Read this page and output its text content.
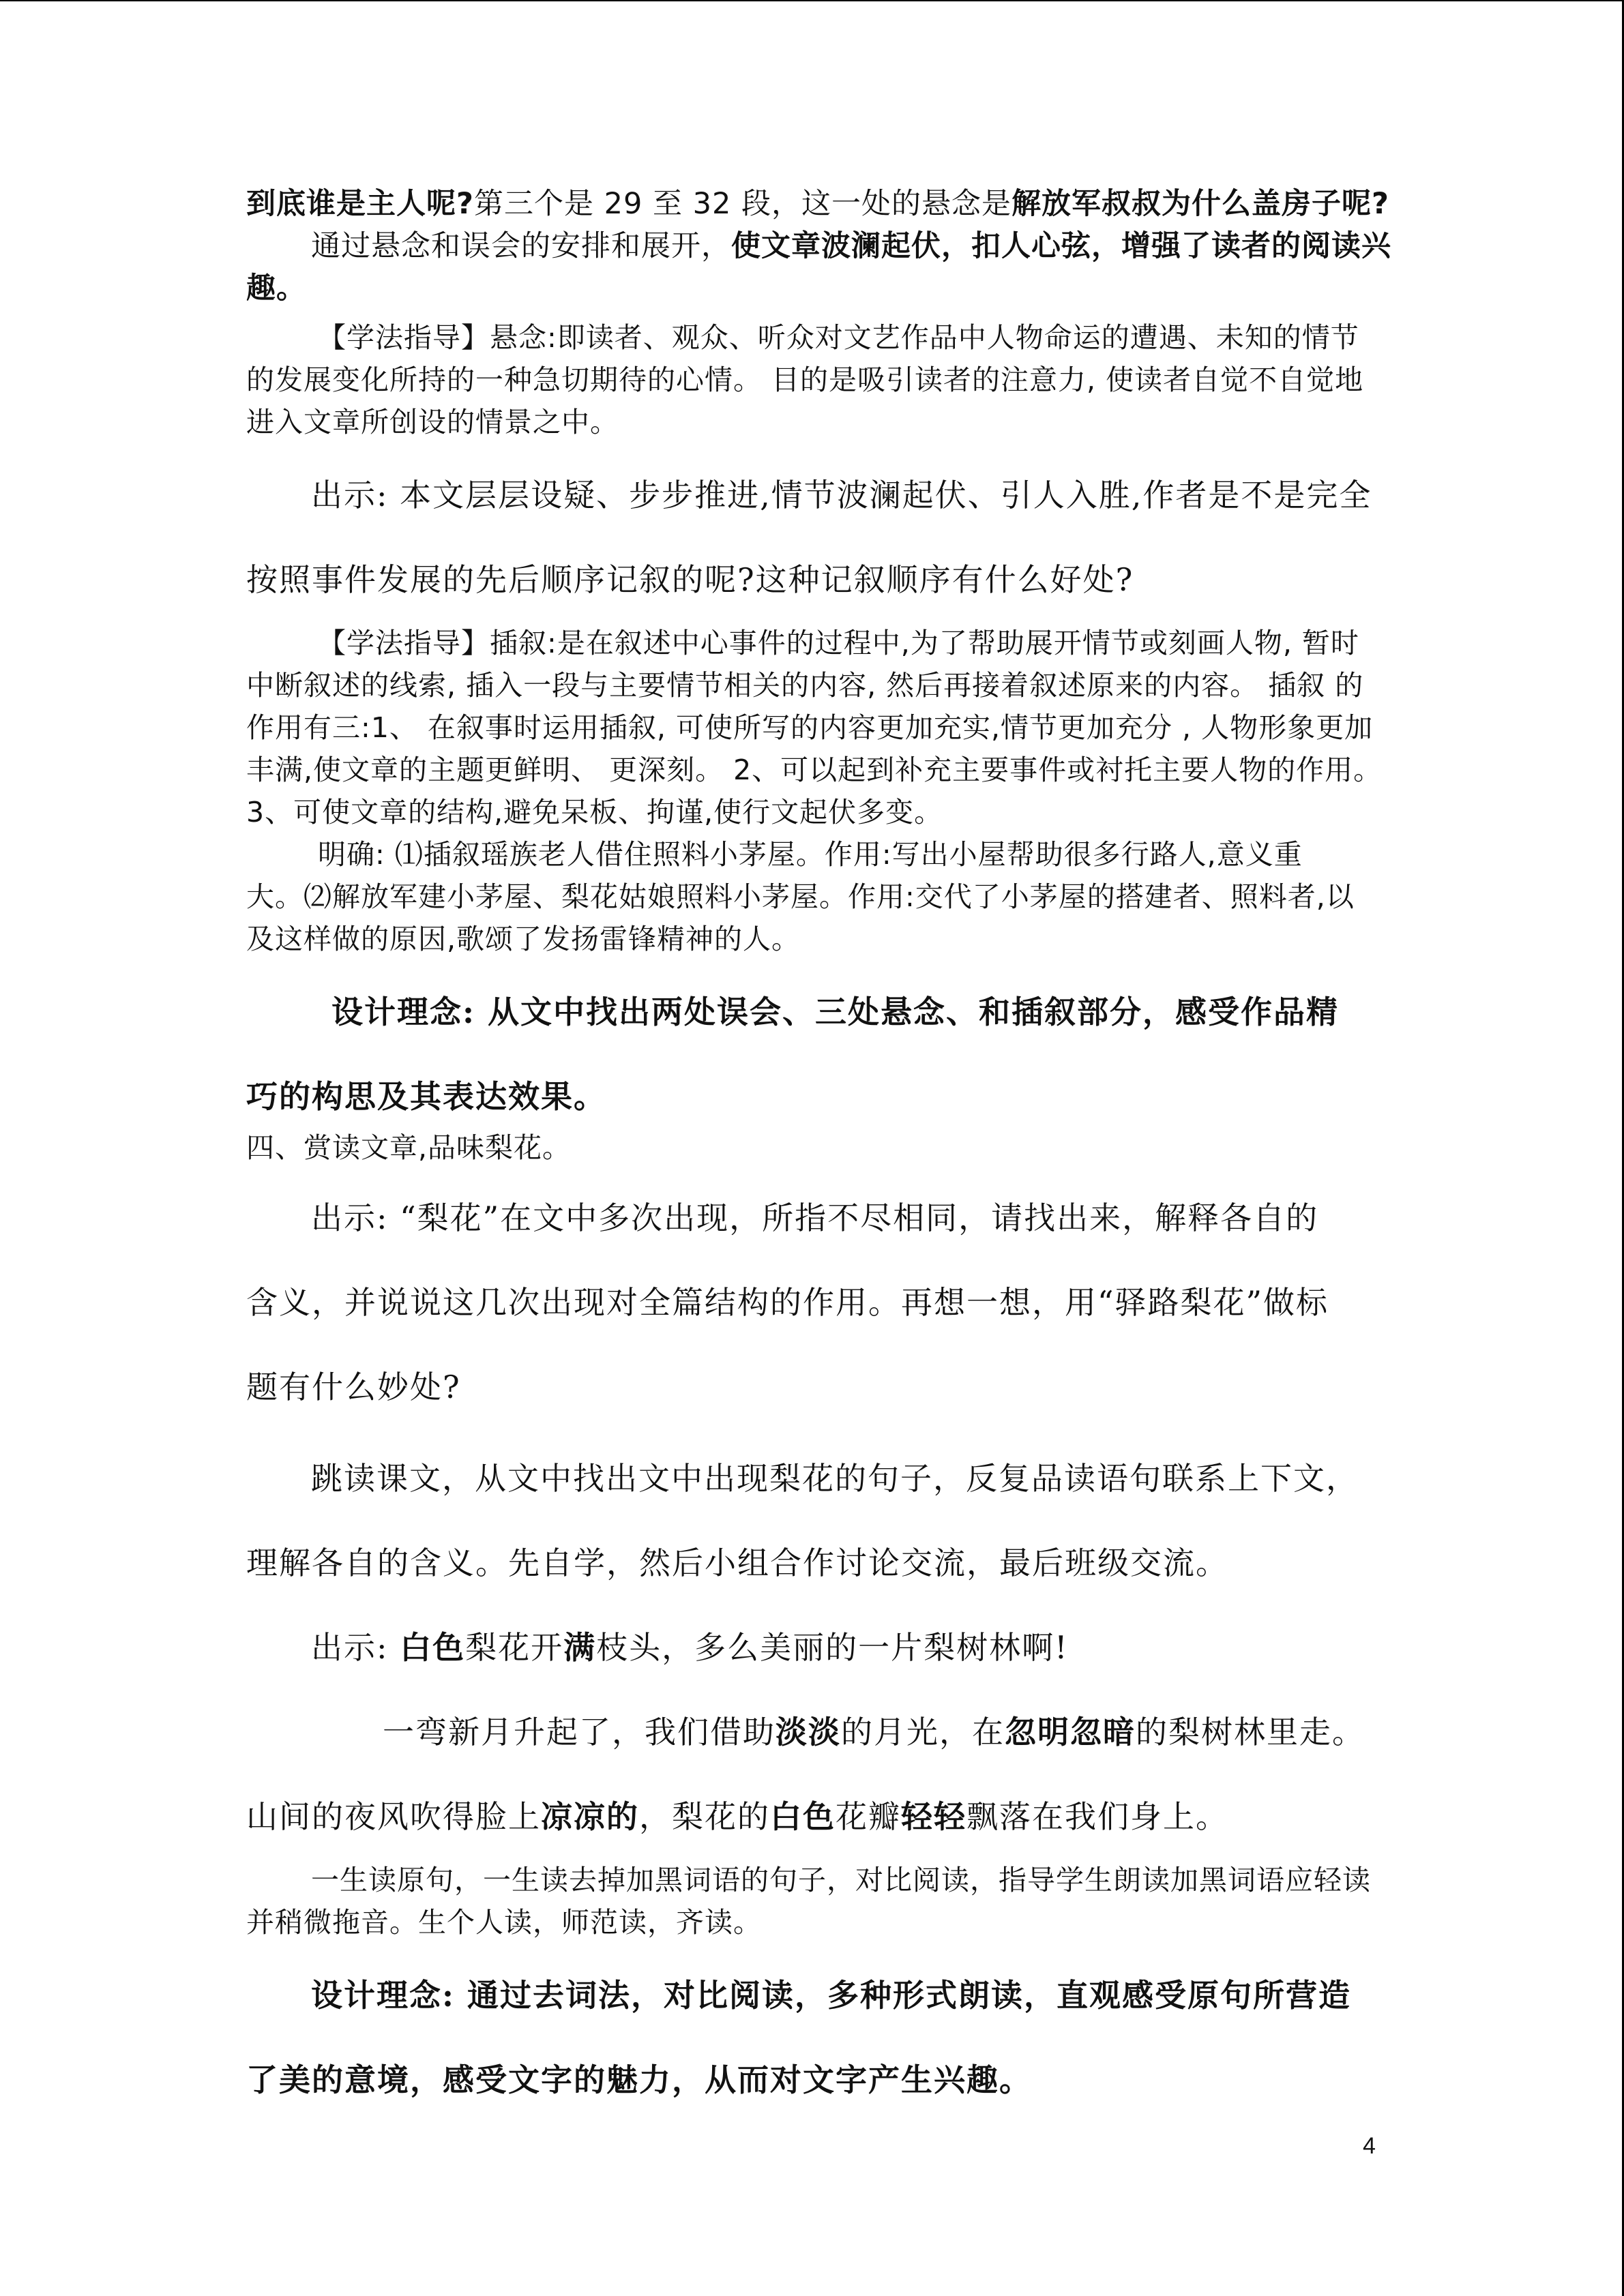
到底谁是主人呢?第三个是 29 至 32 段，这一处的悬念是解放军叔叔为什么盖房子呢?

通过悬念和误会的安排和展开，使文章波澜起伏，扣人心弦，增强了读者的阅读兴

趣。

【学法指导】悬念:即读者、观众、听众对文艺作品中人物命运的遭遇、未知的情节

的发展变化所持的一种急切期待的心情。 目的是吸引读者的注意力, 使读者自觉不自觉地

进入文章所创设的情景之中。

出示: 本文层层设疑、步步推进,情节波澜起伏、引人入胜,作者是不是完全

按照事件发展的先后顺序记叙的呢?这种记叙顺序有什么好处?

【学法指导】插叙:是在叙述中心事件的过程中,为了帮助展开情节或刻画人物, 暂时

中断叙述的线索, 插入一段与主要情节相关的内容, 然后再接着叙述原来的内容。 插叙 的

作用有三:1、 在叙事时运用插叙, 可使所写的内容更加充实,情节更加充分 , 人物形象更加

丰满,使文章的主题更鲜明、 更深刻。 2、可以起到补充主要事件或衬托主要人物的作用。

3、可使文章的结构,避免呆板、拘谨,使行文起伏多变。

明确: ⑴插叙瑶族老人借住照料小茅屋。作用:写出小屋帮助很多行路人,意义重

大。⑵解放军建小茅屋、梨花姑娘照料小茅屋。作用:交代了小茅屋的搭建者、照料者,以

及这样做的原因,歌颂了发扬雷锋精神的人。

设计理念: 从文中找出两处误会、三处悬念、和插叙部分，感受作品精

巧的构思及其表达效果。

四、赏读文章,品味梨花。

出示: “梨花”在文中多次出现，所指不尽相同，请找出来，解释各自的

含义，并说说这几次出现对全篇结构的作用。再想一想，用“驿路梨花”做标

题有什么妙处?

跳读课文，从文中找出文中出现梨花的句子，反复品读语句联系上下文，

理解各自的含义。先自学，然后小组合作讨论交流，最后班级交流。

出示: 白色梨花开满枝头，多么美丽的一片梨树林啊!

一弯新月升起了，我们借助淡淡的月光，在忽明忽暗的梨树林里走。

山间的夜风吹得脸上凉凉的，梨花的白色花瓣轻轻飘落在我们身上。

一生读原句，一生读去掉加黑词语的句子，对比阅读，指导学生朗读加黑词语应轻读

并稍微拖音。生个人读，师范读，齐读。

设计理念: 通过去词法，对比阅读，多种形式朗读，直观感受原句所营造

了美的意境，感受文字的魅力，从而对文字产生兴趣。

4
